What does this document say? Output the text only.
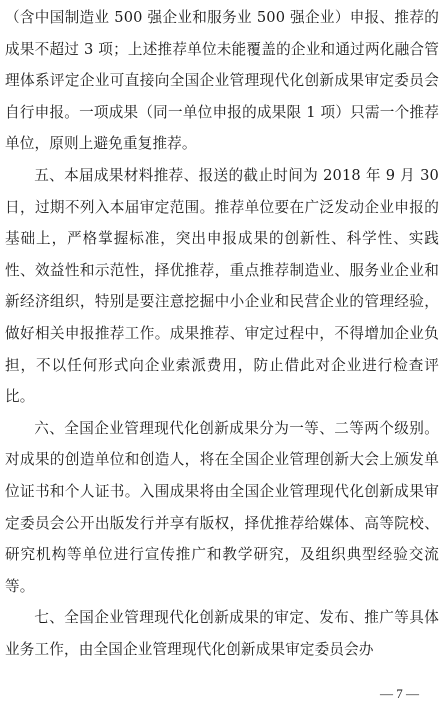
（含中国制造业 500 强企业和服务业 500 强企业）申报、推荐的成果不超过 3 项；上述推荐单位未能覆盖的企业和通过两化融合管理体系评定企业可直接向全国企业管理现代化创新成果审定委员会自行申报。一项成果（同一单位申报的成果限 1 项）只需一个推荐单位，原则上避免重复推荐。

五、本届成果材料推荐、报送的截止时间为 2018 年 9 月 30 日，过期不列入本届审定范围。推荐单位要在广泛发动企业申报的基础上，严格掌握标准，突出申报成果的创新性、科学性、实践性、效益性和示范性，择优推荐，重点推荐制造业、服务业企业和新经济组织，特别是要注意挖掘中小企业和民营企业的管理经验，做好相关申报推荐工作。成果推荐、审定过程中，不得增加企业负担，不以任何形式向企业索派费用，防止借此对企业进行检查评比。

六、全国企业管理现代化创新成果分为一等、二等两个级别。对成果的创造单位和创造人，将在全国企业管理创新大会上颁发单位证书和个人证书。入围成果将由全国企业管理现代化创新成果审定委员会公开出版发行并享有版权，择优推荐给媒体、高等院校、研究机构等单位进行宣传推广和教学研究，及组织典型经验交流等。

七、全国企业管理现代化创新成果的审定、发布、推广等具体业务工作，由全国企业管理现代化创新成果审定委员会办

— 7 —
